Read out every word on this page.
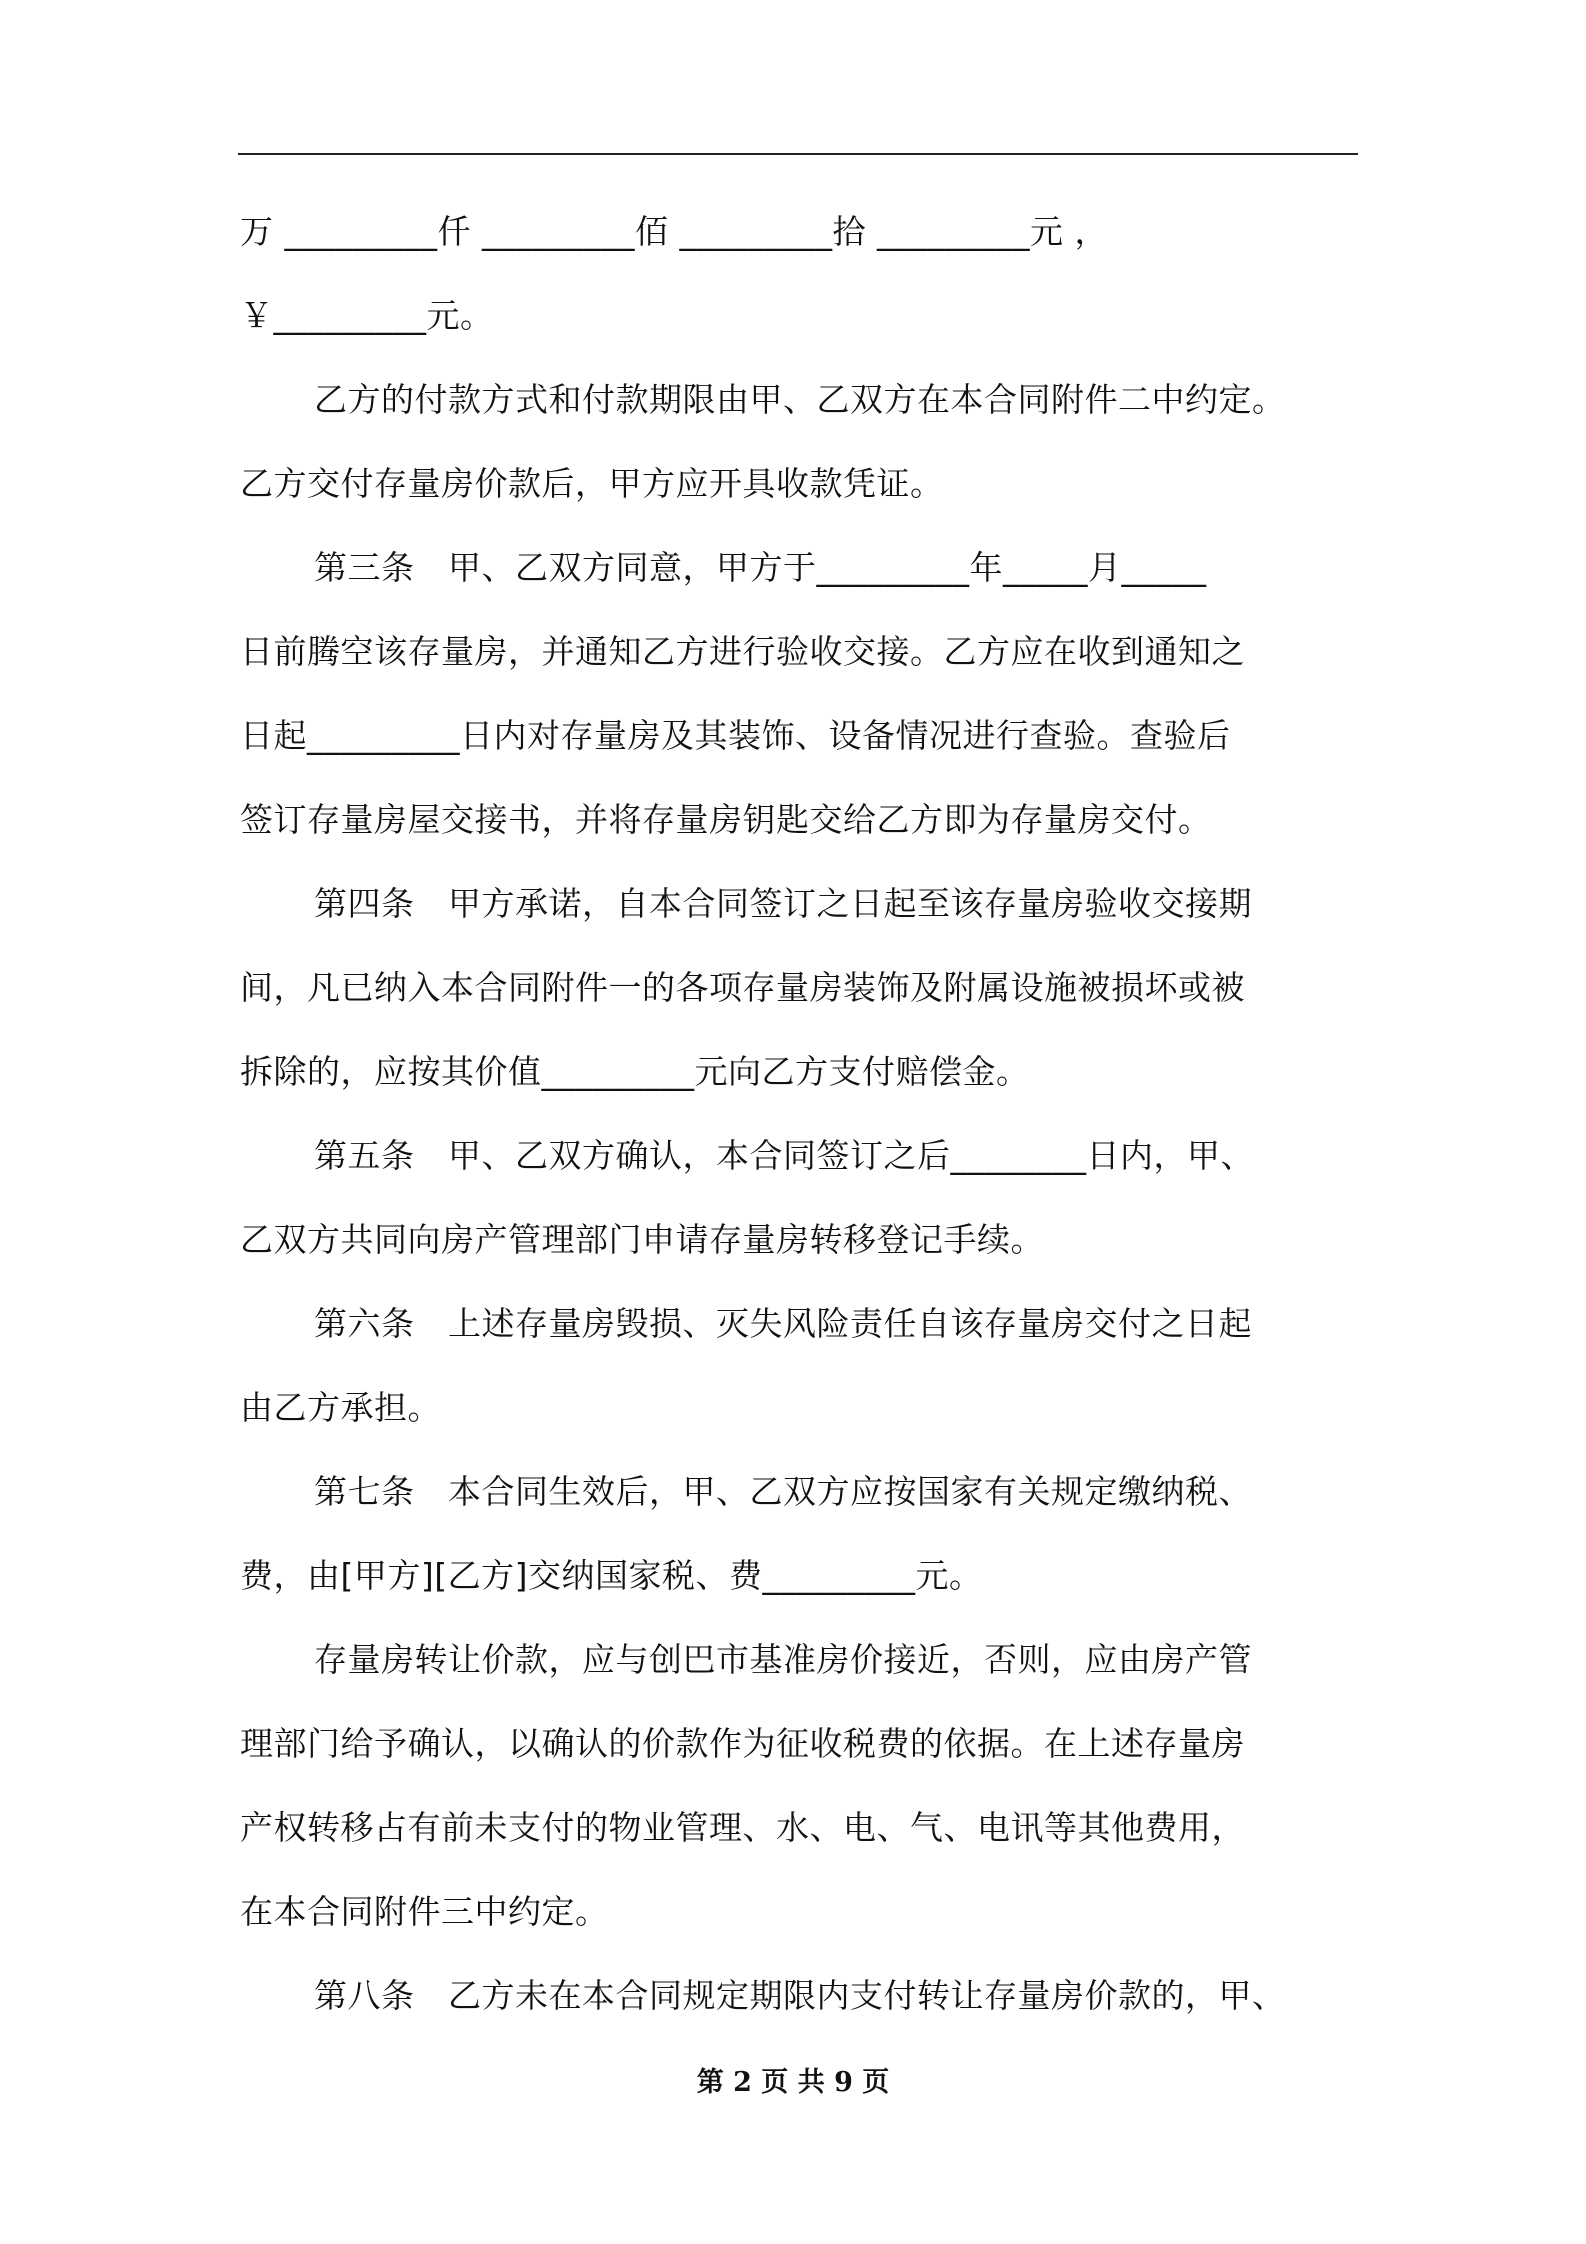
万 _________仟 _________佰 _________拾 _________元 ，
￥_________元。
乙方的付款方式和付款期限由甲、乙双方在本合同附件二中约定。
乙方交付存量房价款后，甲方应开具收款凭证。
第三条　甲、乙双方同意，甲方于_________年_____月_____
日前腾空该存量房，并通知乙方进行验收交接。乙方应在收到通知之
日起_________日内对存量房及其装饰、设备情况进行查验。查验后
签订存量房屋交接书，并将存量房钥匙交给乙方即为存量房交付。
第四条　甲方承诺，自本合同签订之日起至该存量房验收交接期
间，凡已纳入本合同附件一的各项存量房装饰及附属设施被损坏或被
拆除的，应按其价值_________元向乙方支付赔偿金。
第五条　甲、乙双方确认，本合同签订之后________日内，甲、
乙双方共同向房产管理部门申请存量房转移登记手续。
第六条　上述存量房毁损、灭失风险责任自该存量房交付之日起
由乙方承担。
第七条　本合同生效后，甲、乙双方应按国家有关规定缴纳税、
费，由[甲方][乙方]交纳国家税、费_________元。
存量房转让价款，应与创巴市基准房价接近，否则，应由房产管
理部门给予确认，以确认的价款作为征收税费的依据。在上述存量房
产权转移占有前未支付的物业管理、水、电、气、电讯等其他费用，
在本合同附件三中约定。
第八条　乙方未在本合同规定期限内支付转让存量房价款的，甲、
第 2 页 共 9 页
